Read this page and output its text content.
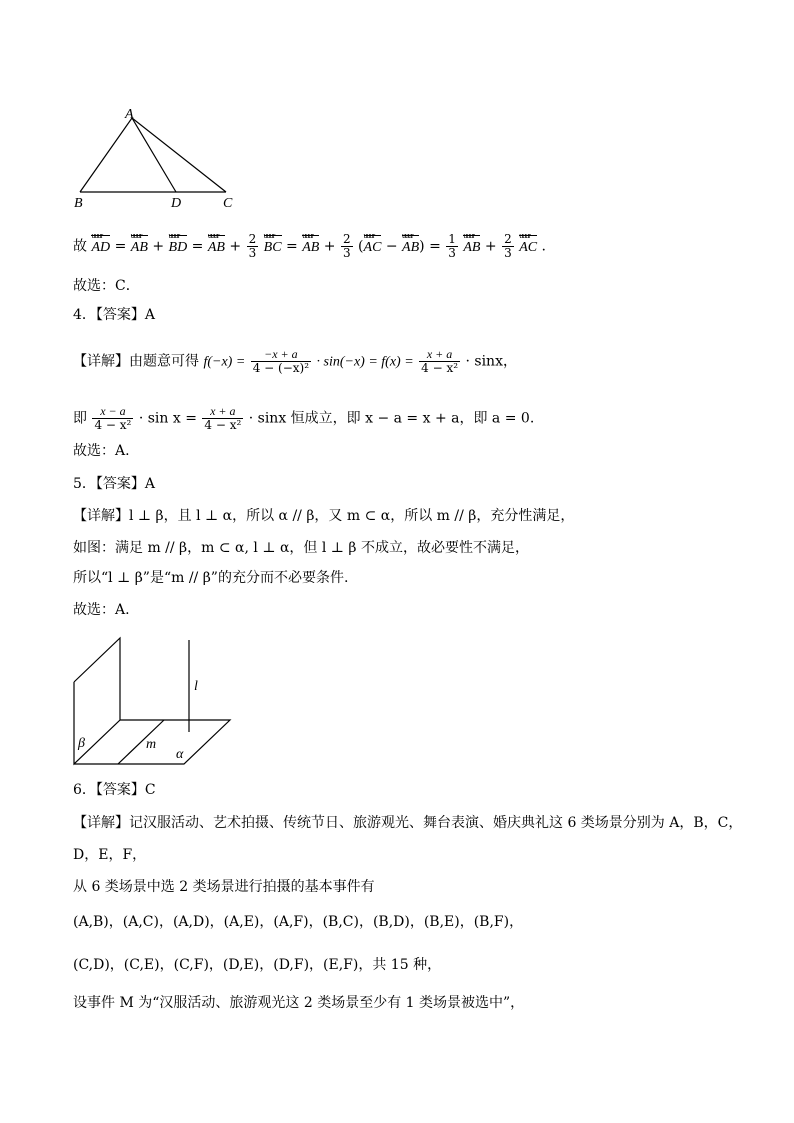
A
B	D	C
故
uuur
AD =
uuur
AB +
uuur
BD =
uuur
AB + $\frac{2}{3}$
uuur
BC =
uuur
AB + $\frac{2}{3}$ (
uuur
AC −
uuur
$AB) = \frac{1}{3}$
uuur
AB + $\frac{2}{3}$
uuur
AC .
故选：C．
4．【答案】A
【详解】由题意可得 $f(-x) = \frac{-x + a}{\text{4 − (−x)²}} \cdot \sin(-x) = f(x) = \frac{x + a}{\text{4 − x²}} \cdot \sin x$，
即 $\frac{x - a}{\text{4 − x²}} \cdot \sin x = \frac{x + a}{\text{4 − x²}} \cdot \sin x$ 恒成立，即 x − a = x + a，即 a = 0.
故选：A.
5．【答案】A
【详解】l ⊥ β，且 l ⊥ α，所以 α // β，又 m ⊂ α，所以 m // β，充分性满足，
如图：满足 m // β，m ⊂ α, l ⊥ α，但 l ⊥ β 不成立，故必要性不满足，
所以“l ⊥ β”是“m // β”的充分而不必要条件.
故选：A.
l
β	m
α
6．【答案】C
【详解】记汉服活动、艺术拍摄、传统节日、旅游观光、舞台表演、婚庆典礼这 6 类场景分别为 A，B，C，
D，E，F，
从 6 类场景中选 2 类场景进行拍摄的基本事件有
(A,B)，(A,C)，(A,D)，(A,E)，(A,F)，(B,C)，(B,D)，(B,E)，(B,F)，
(C,D)，(C,E)，(C,F)，(D,E)，(D,F)，(E,F)，共 15 种，
设事件 M 为“汉服活动、旅游观光这 2 类场景至少有 1 类场景被选中”，
